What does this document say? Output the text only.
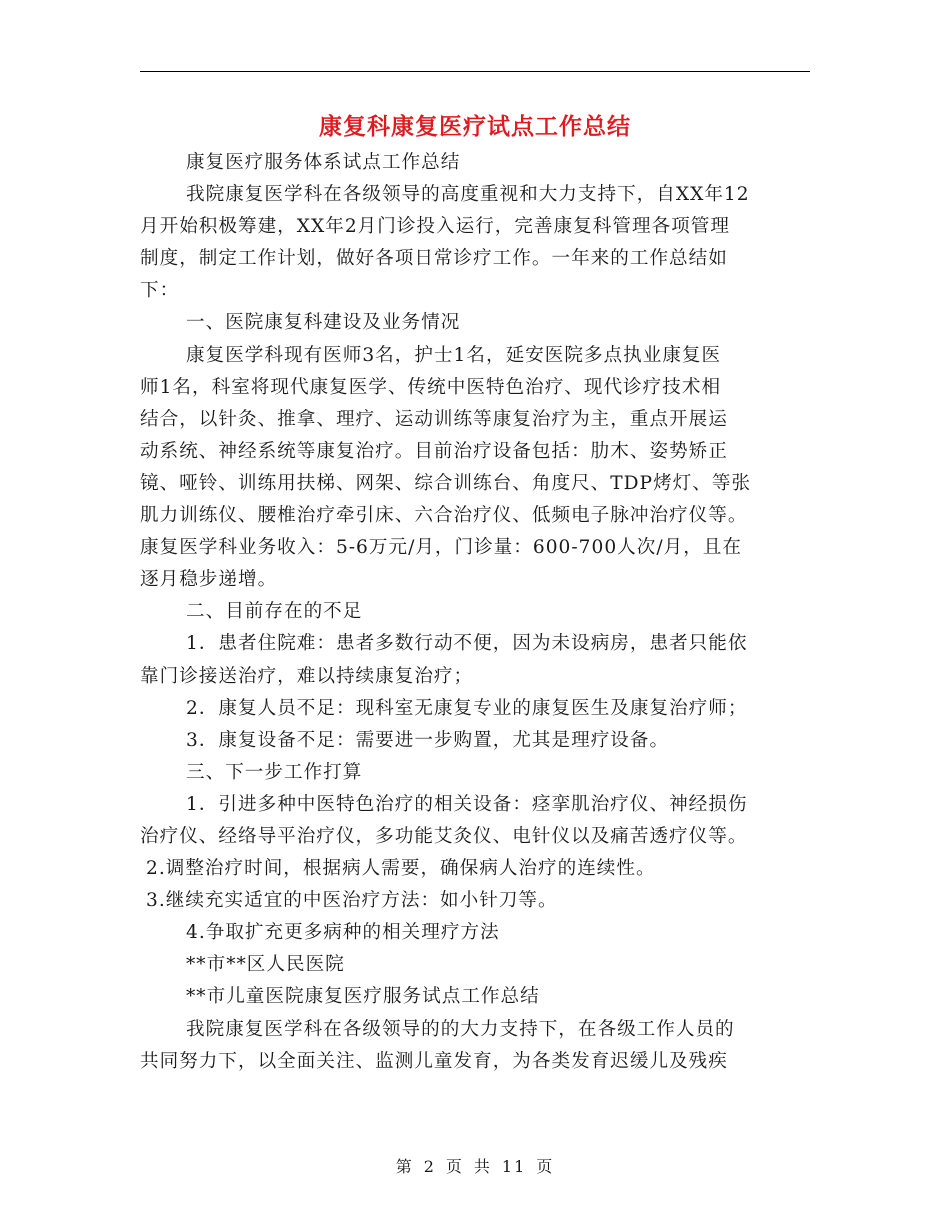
康复科康复医疗试点工作总结

康复医疗服务体系试点工作总结

我院康复医学科在各级领导的高度重视和大力支持下，自XX年12

月开始积极筹建，XX年2月门诊投入运行，完善康复科管理各项管理

制度，制定工作计划，做好各项日常诊疗工作。一年来的工作总结如

下：

一、医院康复科建设及业务情况

康复医学科现有医师3名，护士1名，延安医院多点执业康复医

师1名，科室将现代康复医学、传统中医特色治疗、现代诊疗技术相

结合，以针灸、推拿、理疗、运动训练等康复治疗为主，重点开展运

动系统、神经系统等康复治疗。目前治疗设备包括：肋木、姿势矫正

镜、哑铃、训练用扶梯、网架、综合训练台、角度尺、TDP烤灯、等张

肌力训练仪、腰椎治疗牵引床、六合治疗仪、低频电子脉冲治疗仪等。

康复医学科业务收入：5-6万元/月，门诊量：600-700人次/月，且在

逐月稳步递增。

二、目前存在的不足

1．患者住院难：患者多数行动不便，因为未设病房，患者只能依

靠门诊接送治疗，难以持续康复治疗；

2．康复人员不足：现科室无康复专业的康复医生及康复治疗师；

3．康复设备不足：需要进一步购置，尤其是理疗设备。

三、下一步工作打算

1．引进多种中医特色治疗的相关设备：痉挛肌治疗仪、神经损伤

治疗仪、经络导平治疗仪，多功能艾灸仪、电针仪以及痛苦透疗仪等。

2.调整治疗时间，根据病人需要，确保病人治疗的连续性。

3.继续充实适宜的中医治疗方法：如小针刀等。

4.争取扩充更多病种的相关理疗方法

**市**区人民医院

**市儿童医院康复医疗服务试点工作总结

我院康复医学科在各级领导的的大力支持下，在各级工作人员的

共同努力下，以全面关注、监测儿童发育，为各类发育迟缓儿及残疾

第 2 页 共 11 页
